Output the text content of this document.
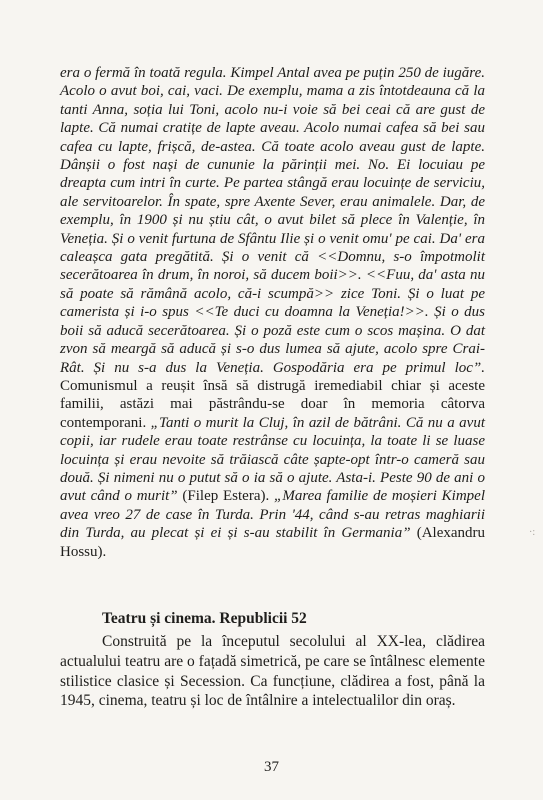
era o fermă în toată regula. Kimpel Antal avea pe puțin 250 de iugăre. Acolo o avut boi, cai, vaci. De exemplu, mama a zis întotdeauna că la tanti Anna, soția lui Toni, acolo nu-i voie să bei ceai că are gust de lapte. Că numai cratițe de lapte aveau. Acolo numai cafea să bei sau cafea cu lapte, frișcă, de-astea. Că toate acolo aveau gust de lapte. Dânșii o fost nași de cununie la părinții mei. No. Ei locuiau pe dreapta cum intri în curte. Pe partea stângă erau locuințe de serviciu, ale servitoarelor. În spate, spre Axente Sever, erau animalele. Dar, de exemplu, în 1900 și nu știu cât, o avut bilet să plece în Valenție, în Veneția. Și o venit furtuna de Sfântu Ilie și o venit omu' pe cai. Da' era caleașca gata pregătită. Și o venit că <<Domnu, s-o împotmolit secerătoarea în drum, în noroi, să ducem boii>>. <<Fuu, da' asta nu să poate să rămână acolo, că-i scumpă>> zice Toni. Și o luat pe camerista și i-o spus <<Te duci cu doamna la Veneția!>>. Și o dus boii să aducă secerătoarea. Și o poză este cum o scos mașina. O dat zvon să meargă să aducă și s-o dus lumea să ajute, acolo spre Crai-Rât. Și nu s-a dus la Veneția. Gospodăria era pe primul loc”. Comunismul a reușit însă să distrugă iremediabil chiar și aceste familii, astăzi mai păstrându-se doar în memoria câtorva contemporani. „Tanti o murit la Cluj, în azil de bătrâni. Că nu a avut copii, iar rudele erau toate restrânse cu locuința, la toate li se luase locuința și erau nevoite să trăiască câte șapte-opt într-o cameră sau două. Și nimeni nu o putut să o ia să o ajute. Asta-i. Peste 90 de ani o avut când o murit” (Filep Estera). „Marea familie de moșieri Kimpel avea vreo 27 de case în Turda. Prin '44, când s-au retras maghiarii din Turda, au plecat și ei și s-au stabilit în Germania” (Alexandru Hossu).

Teatru și cinema. Republicii 52

Construită pe la începutul secolului al XX-lea, clădirea actualului teatru are o fațadă simetrică, pe care se întâlnesc elemente stilistice clasice și Secession. Ca funcțiune, clădirea a fost, până la 1945, cinema, teatru și loc de întâlnire a intelectualilor din oraș.

37
·:
